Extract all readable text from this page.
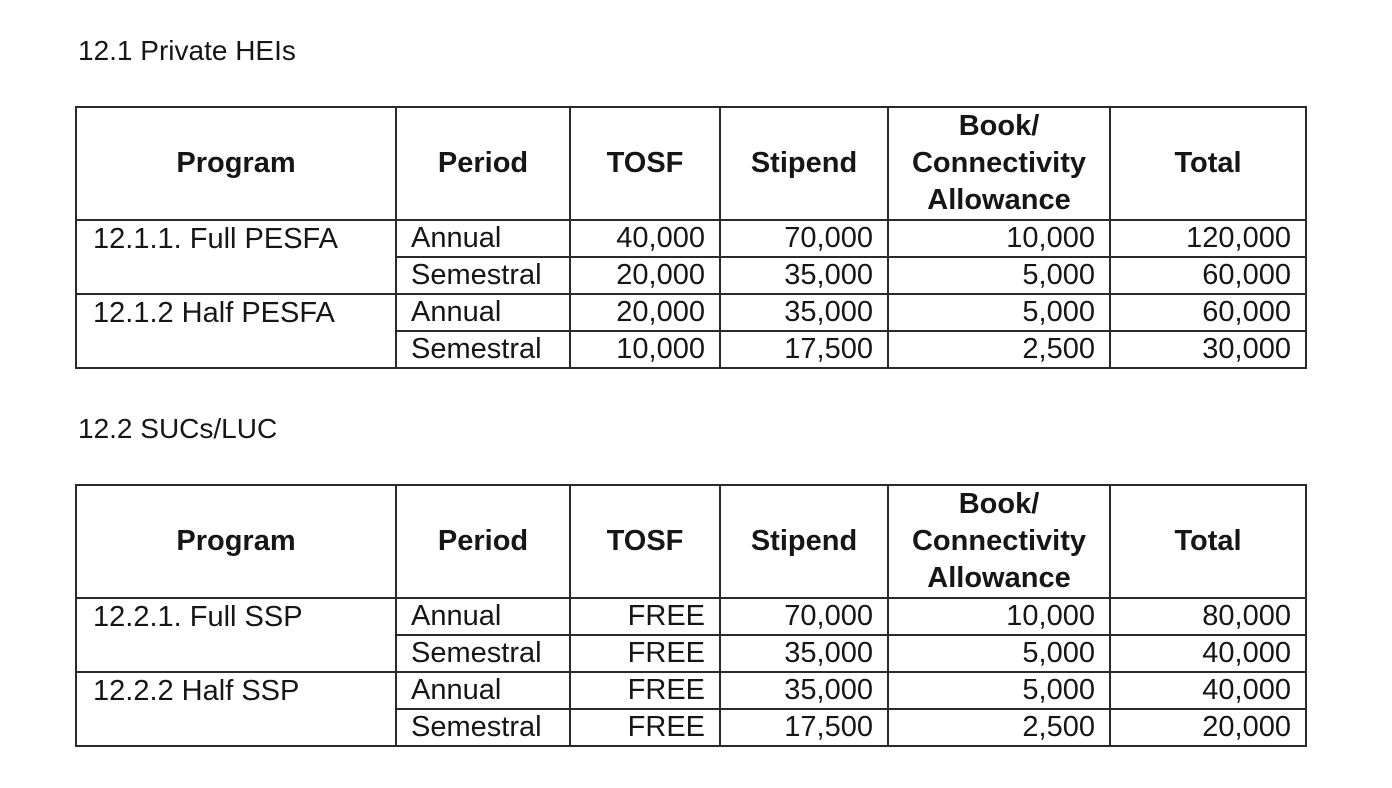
12.1 Private HEIs
Program	Period	TOSF	Stipend	Book/
Connectivity
Allowance	Total
12.1.1. Full PESFA	Annual	40,000	70,000	10,000	120,000
	Semestral	20,000	35,000	5,000	60,000
12.1.2 Half PESFA	Annual	20,000	35,000	5,000	60,000
	Semestral	10,000	17,500	2,500	30,000
12.2 SUCs/LUC
Program	Period	TOSF	Stipend	Book/
Connectivity
Allowance	Total
12.2.1. Full SSP	Annual	FREE	70,000	10,000	80,000
	Semestral	FREE	35,000	5,000	40,000
12.2.2 Half SSP	Annual	FREE	35,000	5,000	40,000
	Semestral	FREE	17,500	2,500	20,000
